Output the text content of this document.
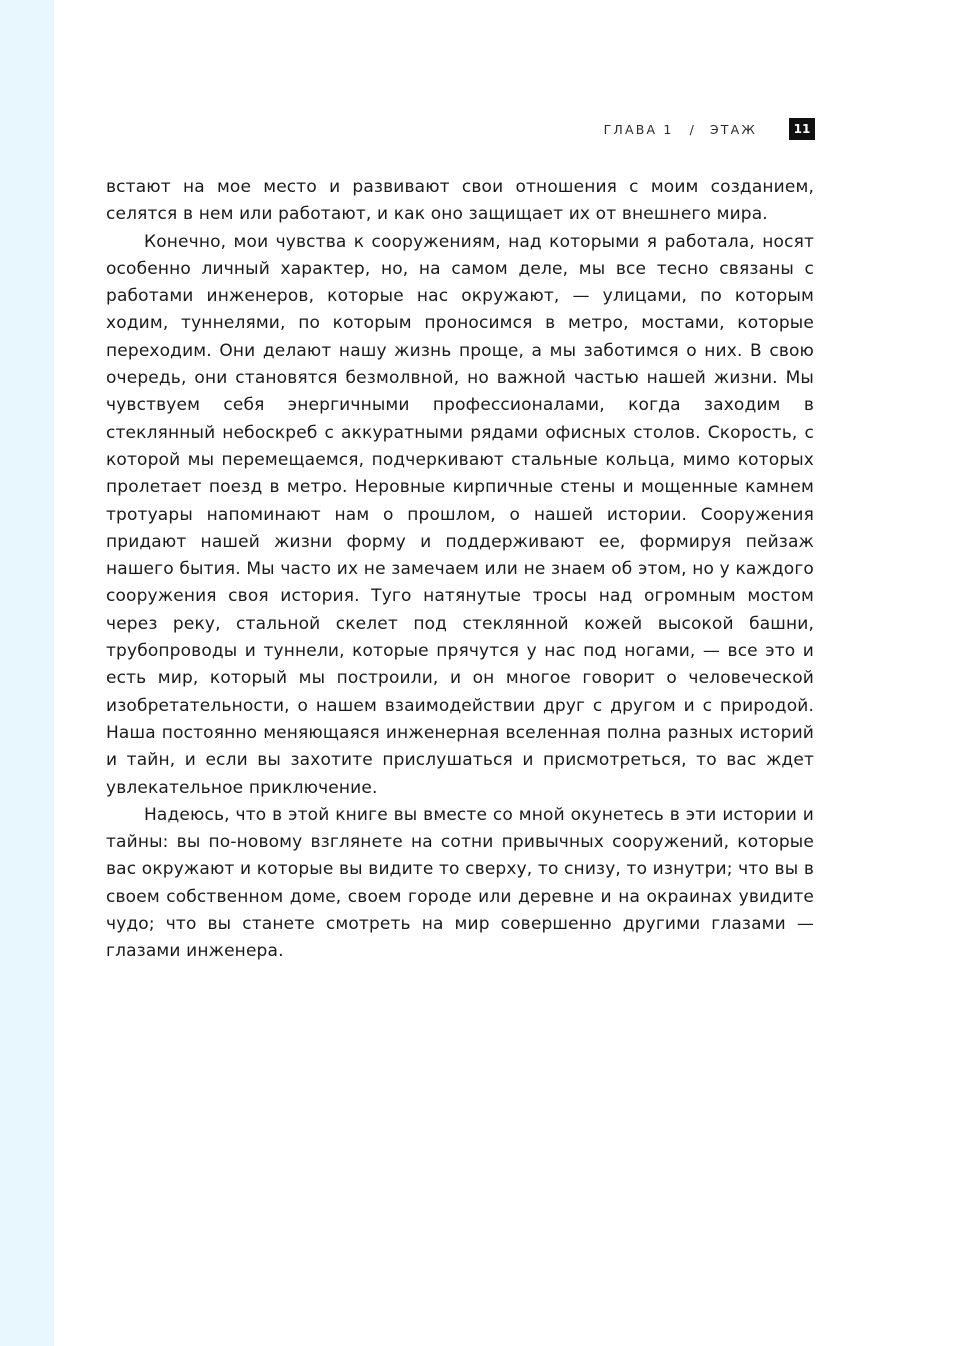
ГЛАВА 1 / ЭТАЖ	11

встают на мое место и развивают свои отношения с моим созданием, селятся в нем или работают, и как оно защищает их от внешнего мира.

Конечно, мои чувства к сооружениям, над которыми я работала, носят особенно личный характер, но, на самом деле, мы все тесно связаны с работами инженеров, которые нас окружают, — улицами, по которым ходим, туннелями, по которым проносимся в метро, мостами, которые переходим. Они делают нашу жизнь проще, а мы заботимся о них. В свою очередь, они становятся безмолвной, но важной частью нашей жизни. Мы чувствуем себя энергичными профессионалами, когда заходим в стеклянный небоскреб с аккуратными рядами офисных столов. Скорость, с которой мы перемещаемся, подчеркивают стальные кольца, мимо которых пролетает поезд в метро. Неровные кирпичные стены и мощенные камнем тротуары напоминают нам о прошлом, о нашей истории. Сооружения придают нашей жизни форму и поддерживают ее, формируя пейзаж нашего бытия. Мы часто их не замечаем или не знаем об этом, но у каждого сооружения своя история. Туго натянутые тросы над огромным мостом через реку, стальной скелет под стеклянной кожей высокой башни, трубопроводы и туннели, которые прячутся у нас под ногами, — все это и есть мир, который мы построили, и он многое говорит о человеческой изобретательности, о нашем взаимодействии друг с другом и с природой. Наша постоянно меняющаяся инженерная вселенная полна разных историй и тайн, и если вы захотите прислушаться и присмотреться, то вас ждет увлекательное приключение.

Надеюсь, что в этой книге вы вместе со мной окунетесь в эти истории и тайны: вы по-новому взглянете на сотни привычных сооружений, которые вас окружают и которые вы видите то сверху, то снизу, то изнутри; что вы в своем собственном доме, своем городе или деревне и на окраинах увидите чудо; что вы станете смотреть на мир совершенно другими глазами — глазами инженера.
